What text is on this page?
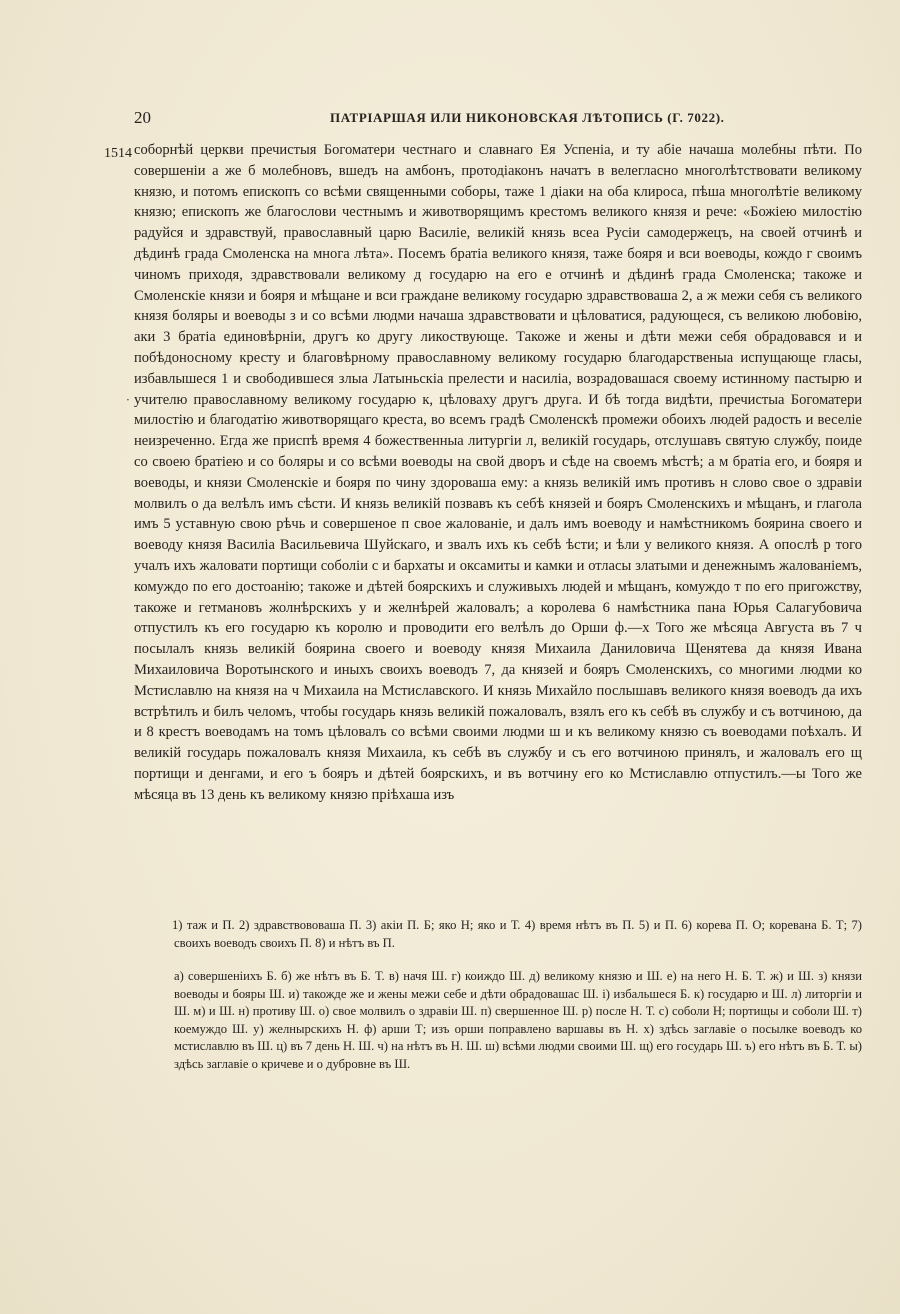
20	ПАТРІАРШАЯ ИЛИ НИКОНОВСКАЯ ЛѢТОПИСЬ (Г. 7022).
1514
·

соборнѣй церкви пречистыя Богоматери честнаго и славнаго Ея Успенiа, и ту абiе начаша молебны пѣти. По совершенiи а же б молебновъ, вшедъ на амбонъ, протодiаконъ начатъ в велегласно многолѣтствовати великому князю, и потомъ епископъ со всѣми священными соборы, таже 1 дiаки на оба клироса, пѣша многолѣтiе великому князю; епископъ же благослови честнымъ и животворящимъ крестомъ великого князя и рече: «Божiею милостiю радуйся и здравствуй, православный царю Василiе, великiй князь всеа Русiи самодержецъ, на своей отчинѣ и дѣдинѣ града Смоленска на многа лѣта». Посемъ братiа великого князя, таже бояря и вси воеводы, кождо г своимъ чиномъ приходя, здравствовали великому д государю на его е отчинѣ и дѣдинѣ града Смоленска; такоже и Смоленскiе князи и бояря и мѣщане и вси граждане великому государю здравствоваша 2, а ж межи себя съ великого князя боляры и воеводы з и со всѣми людми начаша здравствовати и цѣловатися, радующеся, съ великою любовiю, аки 3 братiа единовѣрнiи, другъ ко другу ликоствующе. Такоже и жены и дѣти межи себя обрадовався и и побѣдоносному кресту и благовѣрному православному великому государю благодарственыа испущающе гласы, избавлышеся 1 и свободившеся злыа Латыньскiа прелести и насилiа, возрадовашася своему истинному пастырю и учителю православному великому государю к, цѣловаху другъ друга. И бѣ тогда видѣти, пречистыа Богоматери милостiю и благодатiю животворящаго креста, во всемъ градѣ Смоленскѣ промежи обоихъ людей радость и веселiе неизреченно. Егда же приспѣ время 4 божественныа литургiи л, великiй государь, отслушавъ святую службу, поиде со своею братiею и со боляры и со всѣми воеводы на свой дворъ и сѣде на своемъ мѣстѣ; а м братiа его, и бояря и воеводы, и князи Смоленскiе и бояря по чину здороваша ему: а князь великiй имъ противъ н слово свое о здравiи молвилъ о да велѣлъ имъ сѣсти. И князь великiй позвавъ къ себѣ князей и бояръ Смоленскихъ и мѣщанъ, и глагола имъ 5 уставную свою рѣчь и совершеное п свое жалованiе, и далъ имъ воеводу и намѣстникомъ боярина своего и воеводу князя Василiа Васильевича Шуйскаго, и звалъ ихъ къ себѣ ѣсти; и ѣли у великого князя. А опослѣ р того учалъ ихъ жаловати портищи соболiи с и бархаты и оксамиты и камки и отласы златыми и денежнымъ жалованiемъ, комуждо по его достоанiю; такоже и дѣтей боярскихъ и служивыхъ людей и мѣщанъ, комуждо т по его пригожству, такоже и гетмановъ жолнѣрскихъ у и желнѣрей жаловалъ; а королева 6 намѣстника пана Юрья Салагубовича отпустилъ къ его государю къ королю и проводити его велѣлъ до Орши ф.—х Того же мѣсяца Августа въ 7 ч посылалъ князь великiй боярина своего и воеводу князя Михаила Даниловича Щенятева да князя Ивана Михаиловича Воротынского и иныхъ своихъ воеводъ 7, да князей и бояръ Смоленскихъ, со многими людми ко Мстиславлю на князя на ч Михаила на Мстиславского. И князь Михайло послышавъ великого князя воеводъ да ихъ встрѣтилъ и билъ челомъ, чтобы государь князь великiй пожаловалъ, взялъ его къ себѣ въ службу и съ вотчиною, да и 8 крестъ воеводамъ на томъ цѣловалъ со всѣми своими людми ш и къ великому князю съ воеводами поѣхалъ. И великiй государь пожаловалъ князя Михаила, къ себѣ въ службу и съ его вотчиною принялъ, и жаловалъ его щ портищи и денгами, и его ъ бояръ и дѣтей боярскихъ, и въ вотчину его ко Мстиславлю отпустилъ.—ы Того же мѣсяца въ 13 день къ великому князю прiѣхаша изъ

1) таж и П. 2) здравствововаша П. 3) акiи П. Б; яко Н; яко и Т. 4) время нѣтъ въ П. 5) и П. 6) корева П. О; коревана Б. Т; 7) своихъ воеводъ своихъ П. 8) и нѣтъ въ П.

а) совершенiихъ Б. б) же нѣтъ въ Б. Т. в) начя Ш. г) коиждо Ш. д) великому князю и Ш. е) на него Н. Б. Т. ж) и Ш. з) князи воеводы и бояры Ш. и) такожде же и жены межи себе и дѣти обрадовашас Ш. i) избальшеся Б. к) государю и Ш. л) литоргiи и Ш. м) и Ш. н) противу Ш. о) свое молвилъ о здравiи Ш. п) свершенное Ш. р) после Н. Т. с) соболи Н; портищы и соболи Ш. т) коемуждо Ш. у) желнырскихъ Н. ф) арши Т; изъ орши поправлено варшавы въ Н. х) здѣсь заглавiе о посылке воеводъ ко мстиславлю въ Ш. ц) въ 7 день Н. Ш. ч) на нѣтъ въ Н. Ш. ш) всѣми людми своими Ш. щ) его государь Ш. ъ) его нѣтъ въ Б. Т. ы) здѣсь заглавiе о кричеве и о дубровне въ Ш.
